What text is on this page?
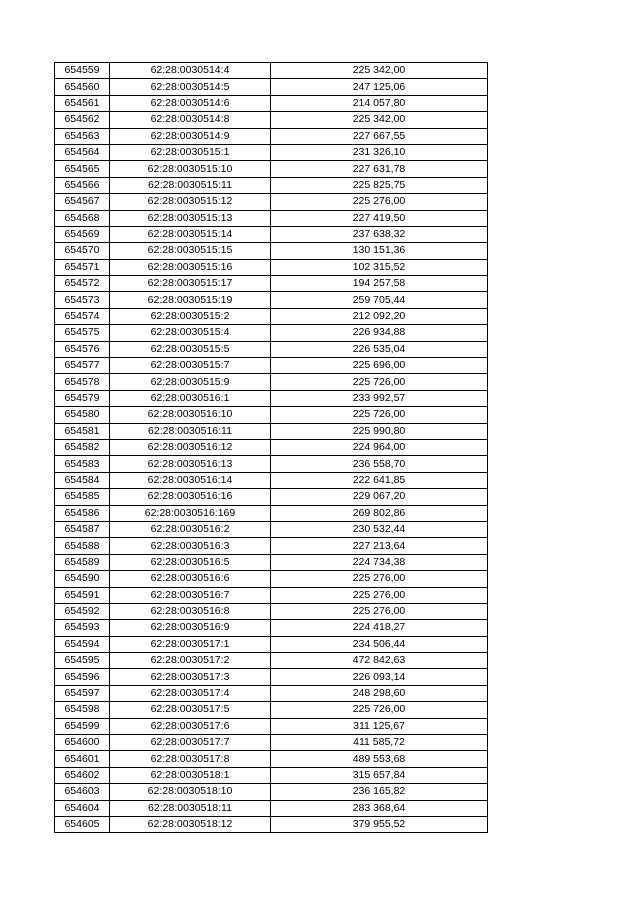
654559	62:28:0030514:4	225 342,00
654560	62:28:0030514:5	247 125,06
654561	62:28:0030514:6	214 057,80
654562	62:28:0030514:8	225 342,00
654563	62:28:0030514:9	227 667,55
654564	62:28:0030515:1	231 326,10
654565	62:28:0030515:10	227 631,78
654566	62:28:0030515:11	225 825,75
654567	62:28:0030515:12	225 276,00
654568	62:28:0030515:13	227 419,50
654569	62:28:0030515:14	237 638,32
654570	62:28:0030515:15	130 151,36
654571	62:28:0030515:16	102 315,52
654572	62:28:0030515:17	194 257,58
654573	62:28:0030515:19	259 705,44
654574	62:28:0030515:2	212 092,20
654575	62:28:0030515:4	226 934,88
654576	62:28:0030515:5	226 535,04
654577	62:28:0030515:7	225 696,00
654578	62:28:0030515:9	225 726,00
654579	62:28:0030516:1	233 992,57
654580	62:28:0030516:10	225 726,00
654581	62:28:0030516:11	225 990,80
654582	62:28:0030516:12	224 964,00
654583	62:28:0030516:13	236 558,70
654584	62:28:0030516:14	222 641,85
654585	62:28:0030516:16	229 067,20
654586	62:28:0030516:169	269 802,86
654587	62:28:0030516:2	230 532,44
654588	62:28:0030516:3	227 213,64
654589	62:28:0030516:5	224 734,38
654590	62:28:0030516:6	225 276,00
654591	62:28:0030516:7	225 276,00
654592	62:28:0030516:8	225 276,00
654593	62:28:0030516:9	224 418,27
654594	62:28:0030517:1	234 506,44
654595	62:28:0030517:2	472 842,63
654596	62:28:0030517:3	226 093,14
654597	62:28:0030517:4	248 298,60
654598	62:28:0030517:5	225 726,00
654599	62:28:0030517:6	311 125,67
654600	62:28:0030517:7	411 585,72
654601	62:28:0030517:8	489 553,68
654602	62:28:0030518:1	315 657,84
654603	62:28:0030518:10	236 165,82
654604	62:28:0030518:11	283 368,64
654605	62:28:0030518:12	379 955,52
